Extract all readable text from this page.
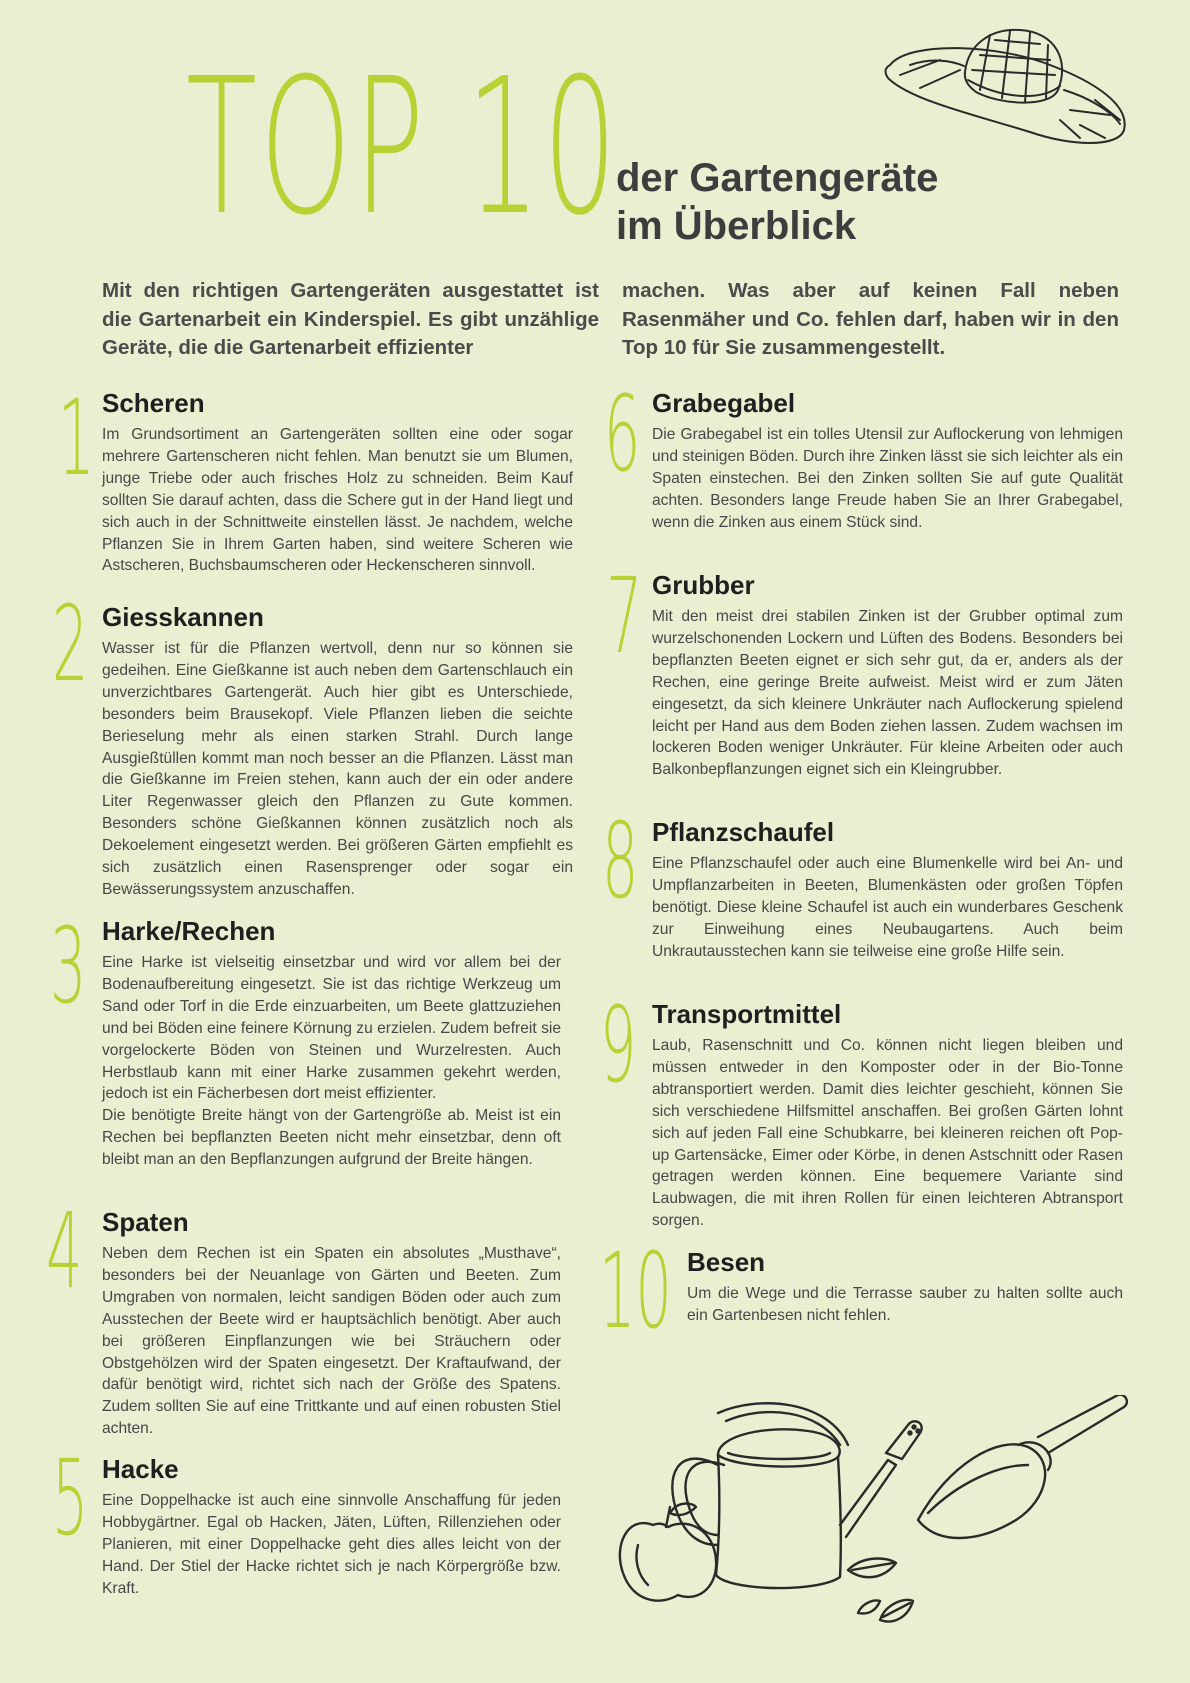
TOP 10
der Gartengeräte
im Überblick
Mit den richtigen Gartengeräten ausgestattet ist die Gartenarbeit ein Kinderspiel. Es gibt unzählige Geräte, die die Gartenarbeit effizienter
machen. Was aber auf keinen Fall neben Rasenmäher und Co. fehlen darf, haben wir in den Top 10 für Sie zusammengestellt.
1 Scheren

Im Grundsortiment an Gartengeräten sollten eine oder sogar mehrere Gartenscheren nicht fehlen. Man benutzt sie um Blumen, junge Triebe oder auch frisches Holz zu schneiden. Beim Kauf sollten Sie darauf achten, dass die Schere gut in der Hand liegt und sich auch in der Schnittweite einstellen lässt. Je nachdem, welche Pflanzen Sie in Ihrem Garten haben, sind weitere Scheren wie Astscheren, Buchsbaumscheren oder Heckenscheren sinnvoll.

2 Giesskannen

Wasser ist für die Pflanzen wertvoll, denn nur so können sie gedeihen. Eine Gießkanne ist auch neben dem Gartenschlauch ein unverzichtbares Gartengerät. Auch hier gibt es Unterschiede, besonders beim Brausekopf. Viele Pflanzen lieben die seichte Berieselung mehr als einen starken Strahl. Durch lange Ausgießtüllen kommt man noch besser an die Pflanzen. Lässt man die Gießkanne im Freien stehen, kann auch der ein oder andere Liter Regenwasser gleich den Pflanzen zu Gute kommen. Besonders schöne Gießkannen können zusätzlich noch als Dekoelement eingesetzt werden. Bei größeren Gärten empfiehlt es sich zusätzlich einen Rasensprenger oder sogar ein Bewässerungssystem anzuschaffen.

3 Harke/Rechen

Eine Harke ist vielseitig einsetzbar und wird vor allem bei der Bodenaufbereitung eingesetzt. Sie ist das richtige Werkzeug um Sand oder Torf in die Erde einzuarbeiten, um Beete glattzuziehen und bei Böden eine feinere Körnung zu erzielen. Zudem befreit sie vorgelockerte Böden von Steinen und Wurzelresten. Auch Herbstlaub kann mit einer Harke zusammen gekehrt werden, jedoch ist ein Fächerbesen dort meist effizienter.

Die benötigte Breite hängt von der Gartengröße ab. Meist ist ein Rechen bei bepflanzten Beeten nicht mehr einsetzbar, denn oft bleibt man an den Bepflanzungen aufgrund der Breite hängen.

4 Spaten

Neben dem Rechen ist ein Spaten ein absolutes „Musthave“, besonders bei der Neuanlage von Gärten und Beeten. Zum Umgraben von normalen, leicht sandigen Böden oder auch zum Ausstechen der Beete wird er hauptsächlich benötigt. Aber auch bei größeren Einpflanzungen wie bei Sträuchern oder Obstgehölzen wird der Spaten eingesetzt. Der Kraftaufwand, der dafür benötigt wird, richtet sich nach der Größe des Spatens. Zudem sollten Sie auf eine Trittkante und auf einen robusten Stiel achten.

5 Hacke

Eine Doppelhacke ist auch eine sinnvolle Anschaffung für jeden Hobbygärtner. Egal ob Hacken, Jäten, Lüften, Rillenziehen oder Planieren, mit einer Doppelhacke geht dies alles leicht von der Hand. Der Stiel der Hacke richtet sich je nach Körpergröße bzw. Kraft.

6 Grabegabel

Die Grabegabel ist ein tolles Utensil zur Auflockerung von lehmigen und steinigen Böden. Durch ihre Zinken lässt sie sich leichter als ein Spaten einstechen. Bei den Zinken sollten Sie auf gute Qualität achten. Besonders lange Freude haben Sie an Ihrer Grabegabel, wenn die Zinken aus einem Stück sind.

7 Grubber

Mit den meist drei stabilen Zinken ist der Grubber optimal zum wurzelschonenden Lockern und Lüften des Bodens. Besonders bei bepflanzten Beeten eignet er sich sehr gut, da er, anders als der Rechen, eine geringe Breite aufweist. Meist wird er zum Jäten eingesetzt, da sich kleinere Unkräuter nach Auflockerung spielend leicht per Hand aus dem Boden ziehen lassen. Zudem wachsen im lockeren Boden weniger Unkräuter. Für kleine Arbeiten oder auch Balkonbepflanzungen eignet sich ein Kleingrubber.

8 Pflanzschaufel

Eine Pflanzschaufel oder auch eine Blumenkelle wird bei An- und Umpflanzarbeiten in Beeten, Blumenkästen oder großen Töpfen benötigt. Diese kleine Schaufel ist auch ein wunderbares Geschenk zur Einweihung eines Neubaugartens. Auch beim Unkrautausstechen kann sie teilweise eine große Hilfe sein.

9 Transportmittel

Laub, Rasenschnitt und Co. können nicht liegen bleiben und müssen entweder in den Komposter oder in der Bio-Tonne abtransportiert werden. Damit dies leichter geschieht, können Sie sich verschiedene Hilfsmittel anschaffen. Bei großen Gärten lohnt sich auf jeden Fall eine Schubkarre, bei kleineren reichen oft Pop-up Gartensäcke, Eimer oder Körbe, in denen Astschnitt oder Rasen getragen werden können. Eine bequemere Variante sind Laubwagen, die mit ihren Rollen für einen leichteren Abtransport sorgen.

10 Besen

Um die Wege und die Terrasse sauber zu halten sollte auch ein Gartenbesen nicht fehlen.
